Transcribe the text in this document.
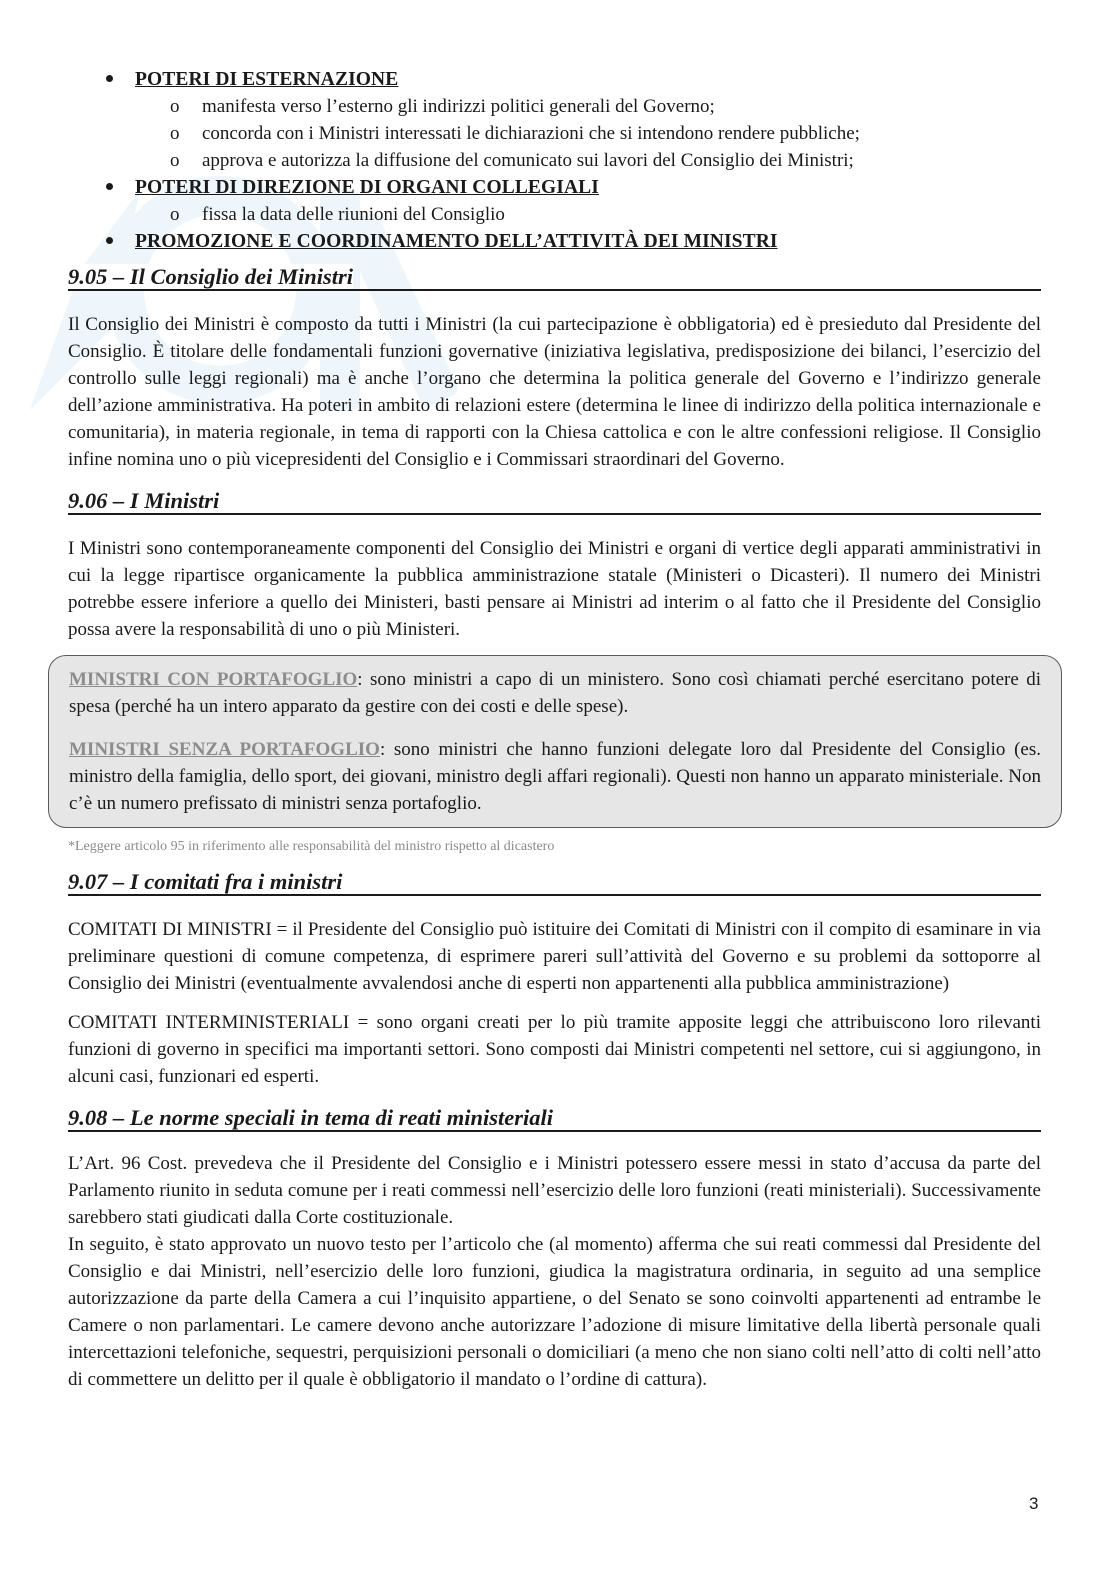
POTERI DI ESTERNAZIONE
o manifesta verso l’esterno gli indirizzi politici generali del Governo;
o concorda con i Ministri interessati le dichiarazioni che si intendono rendere pubbliche;
o approva e autorizza la diffusione del comunicato sui lavori del Consiglio dei Ministri;
POTERI DI DIREZIONE DI ORGANI COLLEGIALI
o fissa la data delle riunioni del Consiglio
PROMOZIONE E COORDINAMENTO DELL’ATTIVITÀ DEI MINISTRI
9.05 – Il Consiglio dei Ministri

Il Consiglio dei Ministri è composto da tutti i Ministri (la cui partecipazione è obbligatoria) ed è presieduto dal Presidente del Consiglio. È titolare delle fondamentali funzioni governative (iniziativa legislativa, predisposizione dei bilanci, l’esercizio del controllo sulle leggi regionali) ma è anche l’organo che determina la politica generale del Governo e l’indirizzo generale dell’azione amministrativa. Ha poteri in ambito di relazioni estere (determina le linee di indirizzo della politica internazionale e comunitaria), in materia regionale, in tema di rapporti con la Chiesa cattolica e con le altre confessioni religiose. Il Consiglio infine nomina uno o più vicepresidenti del Consiglio e i Commissari straordinari del Governo.

9.06 – I Ministri

I Ministri sono contemporaneamente componenti del Consiglio dei Ministri e organi di vertice degli apparati amministrativi in cui la legge ripartisce organicamente la pubblica amministrazione statale (Ministeri o Dicasteri). Il numero dei Ministri potrebbe essere inferiore a quello dei Ministeri, basti pensare ai Ministri ad interim o al fatto che il Presidente del Consiglio possa avere la responsabilità di uno o più Ministeri.

MINISTRI CON PORTAFOGLIO: sono ministri a capo di un ministero. Sono così chiamati perché esercitano potere di spesa (perché ha un intero apparato da gestire con dei costi e delle spese).

MINISTRI SENZA PORTAFOGLIO: sono ministri che hanno funzioni delegate loro dal Presidente del Consiglio (es. ministro della famiglia, dello sport, dei giovani, ministro degli affari regionali). Questi non hanno un apparato ministeriale. Non c’è un numero prefissato di ministri senza portafoglio.

*Leggere articolo 95 in riferimento alle responsabilità del ministro rispetto al dicastero
9.07 – I comitati fra i ministri

COMITATI DI MINISTRI = il Presidente del Consiglio può istituire dei Comitati di Ministri con il compito di esaminare in via preliminare questioni di comune competenza, di esprimere pareri sull’attività del Governo e su problemi da sottoporre al Consiglio dei Ministri (eventualmente avvalendosi anche di esperti non appartenenti alla pubblica amministrazione)

COMITATI INTERMINISTERIALI = sono organi creati per lo più tramite apposite leggi che attribuiscono loro rilevanti funzioni di governo in specifici ma importanti settori. Sono composti dai Ministri competenti nel settore, cui si aggiungono, in alcuni casi, funzionari ed esperti.

9.08 – Le norme speciali in tema di reati ministeriali

L’Art. 96 Cost. prevedeva che il Presidente del Consiglio e i Ministri potessero essere messi in stato d’accusa da parte del Parlamento riunito in seduta comune per i reati commessi nell’esercizio delle loro funzioni (reati ministeriali). Successivamente sarebbero stati giudicati dalla Corte costituzionale.

In seguito, è stato approvato un nuovo testo per l’articolo che (al momento) afferma che sui reati commessi dal Presidente del Consiglio e dai Ministri, nell’esercizio delle loro funzioni, giudica la magistratura ordinaria, in seguito ad una semplice autorizzazione da parte della Camera a cui l’inquisito appartiene, o del Senato se sono coinvolti appartenenti ad entrambe le Camere o non parlamentari. Le camere devono anche autorizzare l’adozione di misure limitative della libertà personale quali intercettazioni telefoniche, sequestri, perquisizioni personali o domiciliari (a meno che non siano colti nell’atto di colti nell’atto di commettere un delitto per il quale è obbligatorio il mandato o l’ordine di cattura).

3
